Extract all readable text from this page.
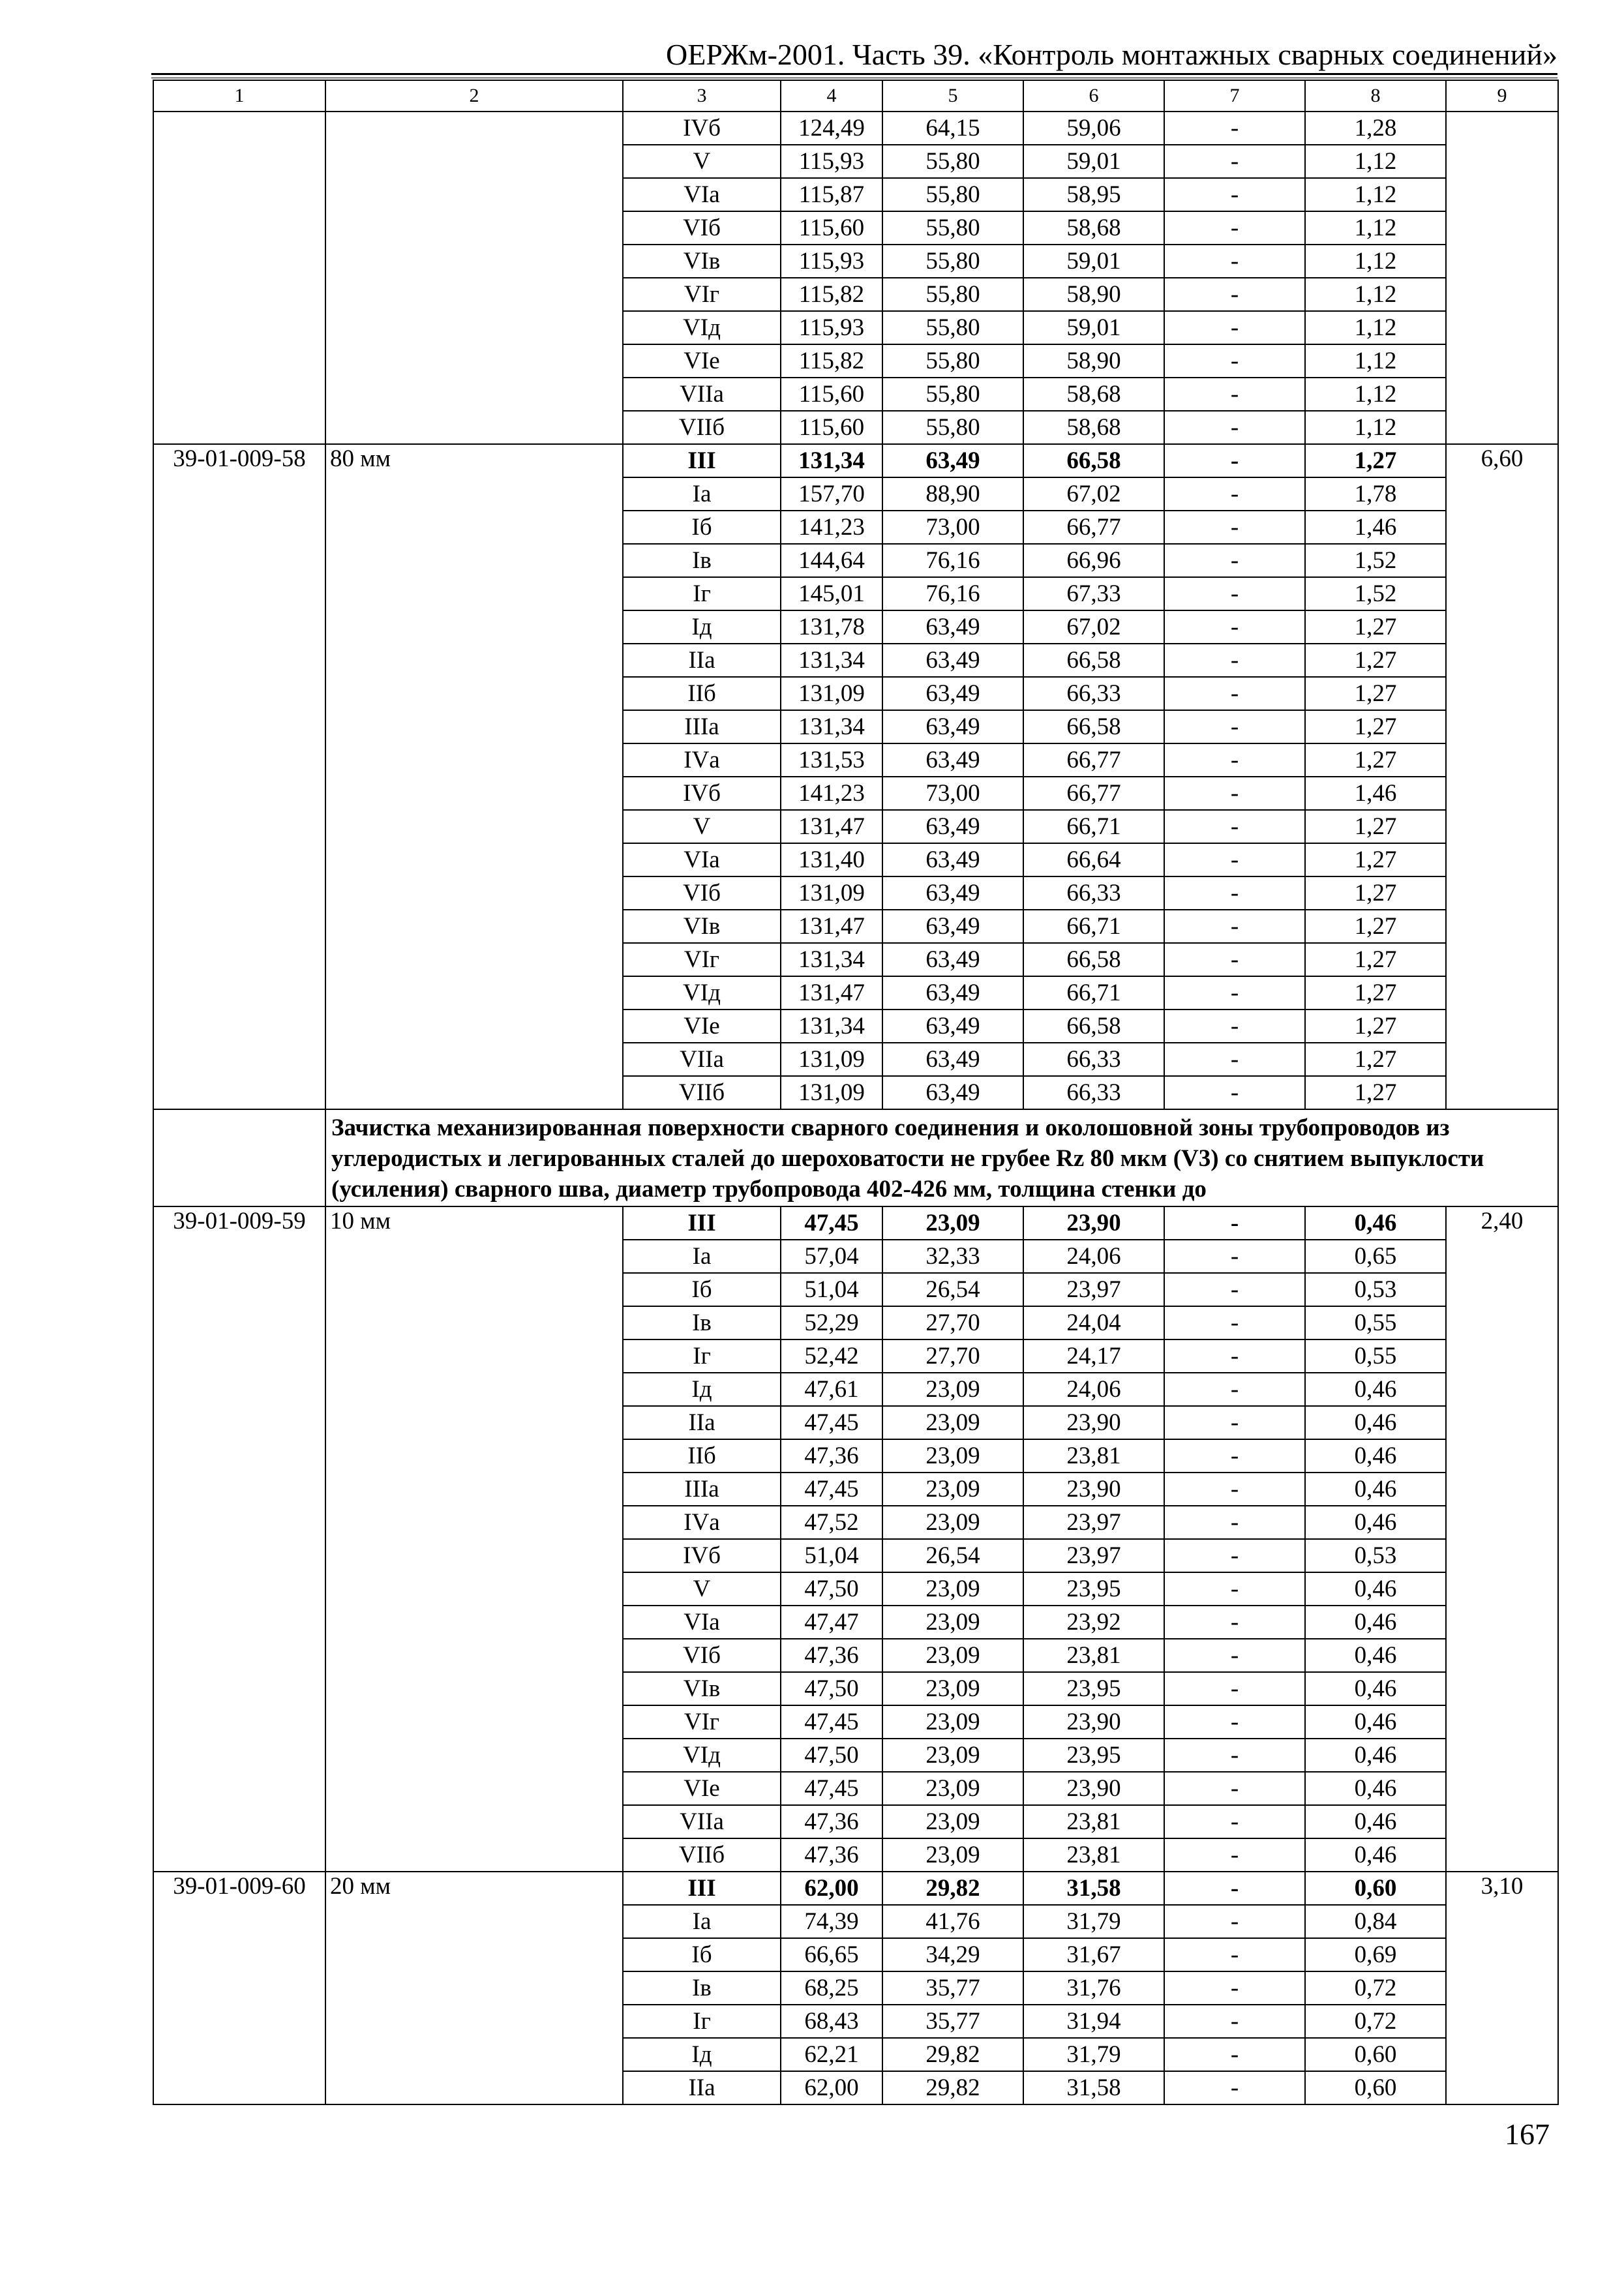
ОЕРЖм-2001. Часть 39. «Контроль монтажных сварных соединений»
1	2	3	4	5	6	7	8	9
		IVб	124,49	64,15	59,06	-	1,28	
		V	115,93	55,80	59,01	-	1,12	
		VIа	115,87	55,80	58,95	-	1,12	
		VIб	115,60	55,80	58,68	-	1,12	
		VIв	115,93	55,80	59,01	-	1,12	
		VIг	115,82	55,80	58,90	-	1,12	
		VIд	115,93	55,80	59,01	-	1,12	
		VIе	115,82	55,80	58,90	-	1,12	
		VIIа	115,60	55,80	58,68	-	1,12	
		VIIб	115,60	55,80	58,68	-	1,12	
39-01-009-58	80 мм	III	131,34	63,49	66,58	-	1,27	6,60
		Iа	157,70	88,90	67,02	-	1,78	
		Iб	141,23	73,00	66,77	-	1,46	
		Iв	144,64	76,16	66,96	-	1,52	
		Iг	145,01	76,16	67,33	-	1,52	
		Iд	131,78	63,49	67,02	-	1,27	
		IIа	131,34	63,49	66,58	-	1,27	
		IIб	131,09	63,49	66,33	-	1,27	
		IIIа	131,34	63,49	66,58	-	1,27	
		IVа	131,53	63,49	66,77	-	1,27	
		IVб	141,23	73,00	66,77	-	1,46	
		V	131,47	63,49	66,71	-	1,27	
		VIа	131,40	63,49	66,64	-	1,27	
		VIб	131,09	63,49	66,33	-	1,27	
		VIв	131,47	63,49	66,71	-	1,27	
		VIг	131,34	63,49	66,58	-	1,27	
		VIд	131,47	63,49	66,71	-	1,27	
		VIе	131,34	63,49	66,58	-	1,27	
		VIIа	131,09	63,49	66,33	-	1,27	
		VIIб	131,09	63,49	66,33	-	1,27	
	Зачистка механизированная поверхности сварного соединения и околошовной зоны трубопроводов из углеродистых и легированных сталей до шероховатости не грубее Rz 80 мкм (V3) со снятием выпуклости (усиления) сварного шва, диаметр трубопровода 402-426 мм, толщина стенки до							
39-01-009-59	10 мм	III	47,45	23,09	23,90	-	0,46	2,40
		Iа	57,04	32,33	24,06	-	0,65	
		Iб	51,04	26,54	23,97	-	0,53	
		Iв	52,29	27,70	24,04	-	0,55	
		Iг	52,42	27,70	24,17	-	0,55	
		Iд	47,61	23,09	24,06	-	0,46	
		IIа	47,45	23,09	23,90	-	0,46	
		IIб	47,36	23,09	23,81	-	0,46	
		IIIа	47,45	23,09	23,90	-	0,46	
		IVа	47,52	23,09	23,97	-	0,46	
		IVб	51,04	26,54	23,97	-	0,53	
		V	47,50	23,09	23,95	-	0,46	
		VIа	47,47	23,09	23,92	-	0,46	
		VIб	47,36	23,09	23,81	-	0,46	
		VIв	47,50	23,09	23,95	-	0,46	
		VIг	47,45	23,09	23,90	-	0,46	
		VIд	47,50	23,09	23,95	-	0,46	
		VIе	47,45	23,09	23,90	-	0,46	
		VIIа	47,36	23,09	23,81	-	0,46	
		VIIб	47,36	23,09	23,81	-	0,46	
39-01-009-60	20 мм	III	62,00	29,82	31,58	-	0,60	3,10
		Iа	74,39	41,76	31,79	-	0,84	
		Iб	66,65	34,29	31,67	-	0,69	
		Iв	68,25	35,77	31,76	-	0,72	
		Iг	68,43	35,77	31,94	-	0,72	
		Iд	62,21	29,82	31,79	-	0,60	
		IIа	62,00	29,82	31,58	-	0,60	
167
